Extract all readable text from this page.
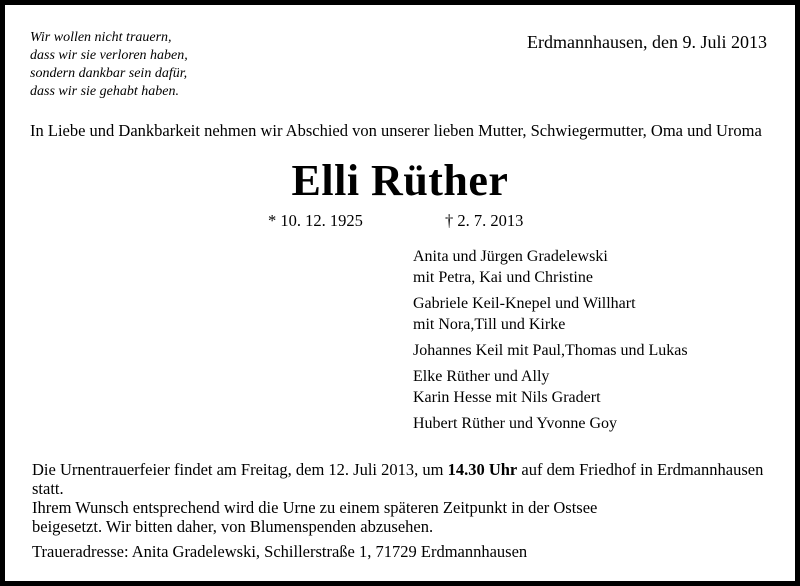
Wir wollen nicht trauern,
dass wir sie verloren haben,
sondern dankbar sein dafür,
dass wir sie gehabt haben.
Erdmannhausen, den 9. Juli 2013
In Liebe und Dankbarkeit nehmen wir Abschied von unserer lieben Mutter, Schwiegermutter, Oma und Uroma
Elli Rüther
* 10. 12. 1925	† 2. 7. 2013
Anita und Jürgen Gradelewski
mit Petra, Kai und Christine
Gabriele Keil-Knepel und Willhart
mit Nora,Till und Kirke
Johannes Keil mit Paul,Thomas und Lukas
Elke Rüther und Ally
Karin Hesse mit Nils Gradert
Hubert Rüther und Yvonne Goy
Die Urnentrauerfeier findet am Freitag, dem 12. Juli 2013, um 14.30 Uhr auf dem Friedhof in Erdmannhausen statt.
Ihrem Wunsch entsprechend wird die Urne zu einem späteren Zeitpunkt in der Ostsee
beigesetzt. Wir bitten daher, von Blumenspenden abzusehen.
Traueradresse: Anita Gradelewski, Schillerstraße 1, 71729 Erdmannhausen
